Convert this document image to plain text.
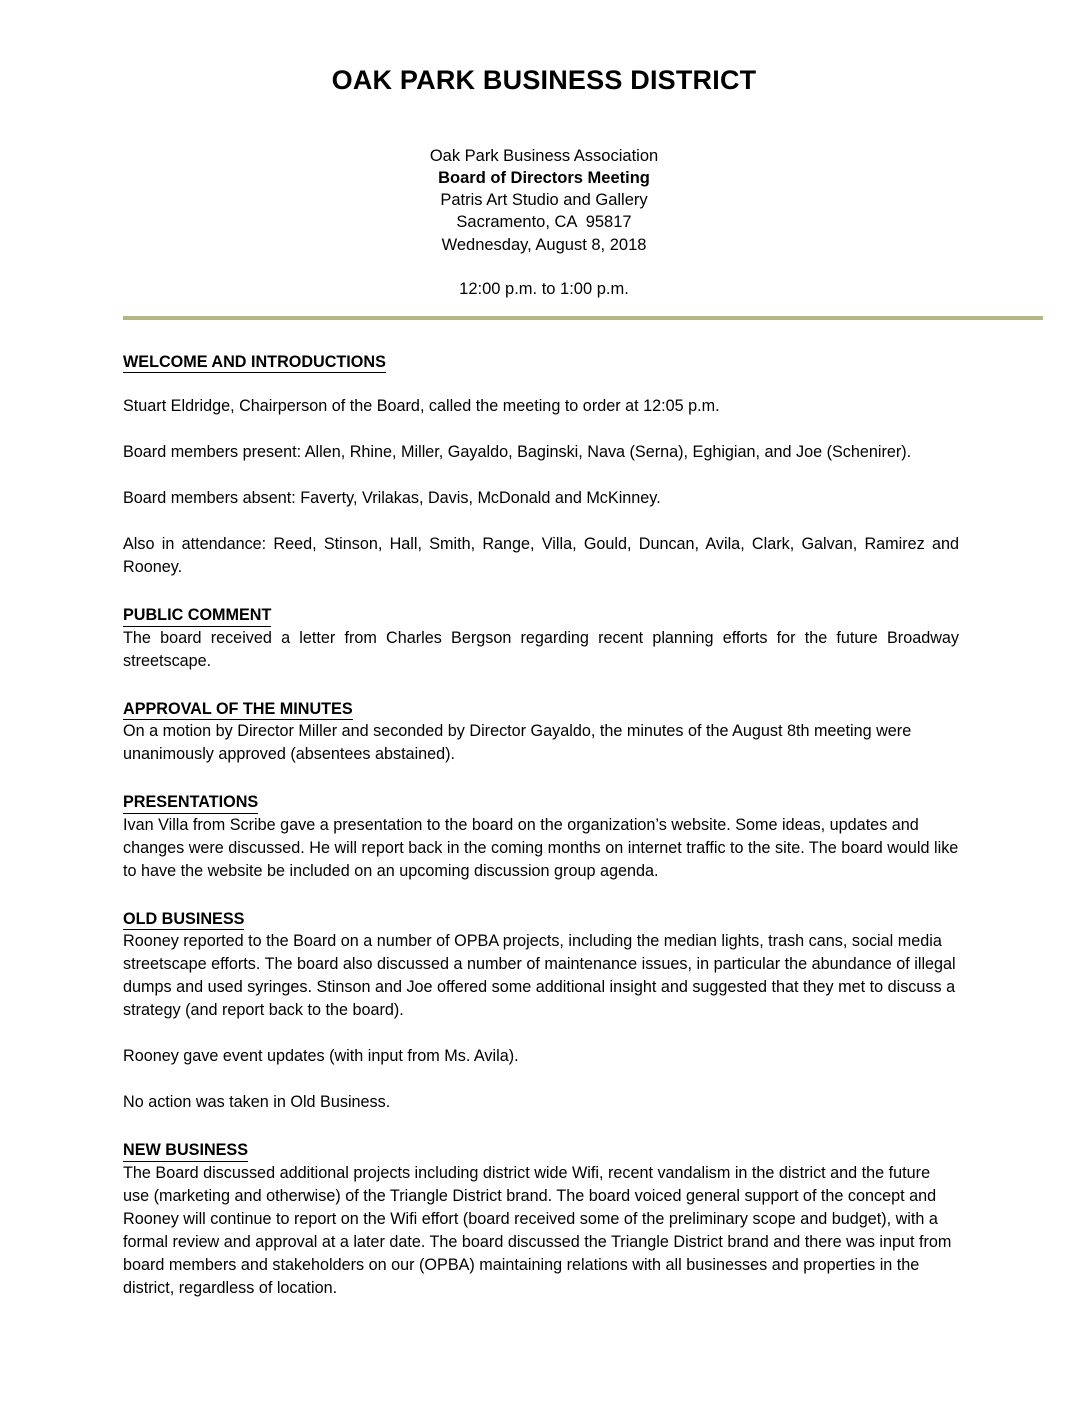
OAK PARK BUSINESS DISTRICT
Oak Park Business Association
Board of Directors Meeting
Patris Art Studio and Gallery
Sacramento, CA  95817
Wednesday, August 8, 2018
12:00 p.m. to 1:00 p.m.
WELCOME AND INTRODUCTIONS

Stuart Eldridge, Chairperson of the Board, called the meeting to order at 12:05 p.m.

Board members present: Allen, Rhine, Miller, Gayaldo, Baginski, Nava (Serna), Eghigian, and Joe (Schenirer).

Board members absent: Faverty, Vrilakas, Davis, McDonald and McKinney.

Also in attendance: Reed, Stinson, Hall, Smith, Range, Villa, Gould, Duncan, Avila, Clark, Galvan, Ramirez and Rooney.

PUBLIC COMMENT

The board received a letter from Charles Bergson regarding recent planning efforts for the future Broadway streetscape.

APPROVAL OF THE MINUTES

On a motion by Director Miller and seconded by Director Gayaldo, the minutes of the August 8th meeting were unanimously approved (absentees abstained).

PRESENTATIONS

Ivan Villa from Scribe gave a presentation to the board on the organization’s website. Some ideas, updates and changes were discussed. He will report back in the coming months on internet traffic to the site. The board would like to have the website be included on an upcoming discussion group agenda.

OLD BUSINESS

Rooney reported to the Board on a number of OPBA projects, including the median lights, trash cans, social media streetscape efforts. The board also discussed a number of maintenance issues, in particular the abundance of illegal dumps and used syringes. Stinson and Joe offered some additional insight and suggested that they met to discuss a strategy (and report back to the board).

Rooney gave event updates (with input from Ms. Avila).

No action was taken in Old Business.

NEW BUSINESS

The Board discussed additional projects including district wide Wifi, recent vandalism in the district and the future use (marketing and otherwise) of the Triangle District brand. The board voiced general support of the concept and Rooney will continue to report on the Wifi effort (board received some of the preliminary scope and budget), with a formal review and approval at a later date. The board discussed the Triangle District brand and there was input from board members and stakeholders on our (OPBA) maintaining relations with all businesses and properties in the district, regardless of location.
